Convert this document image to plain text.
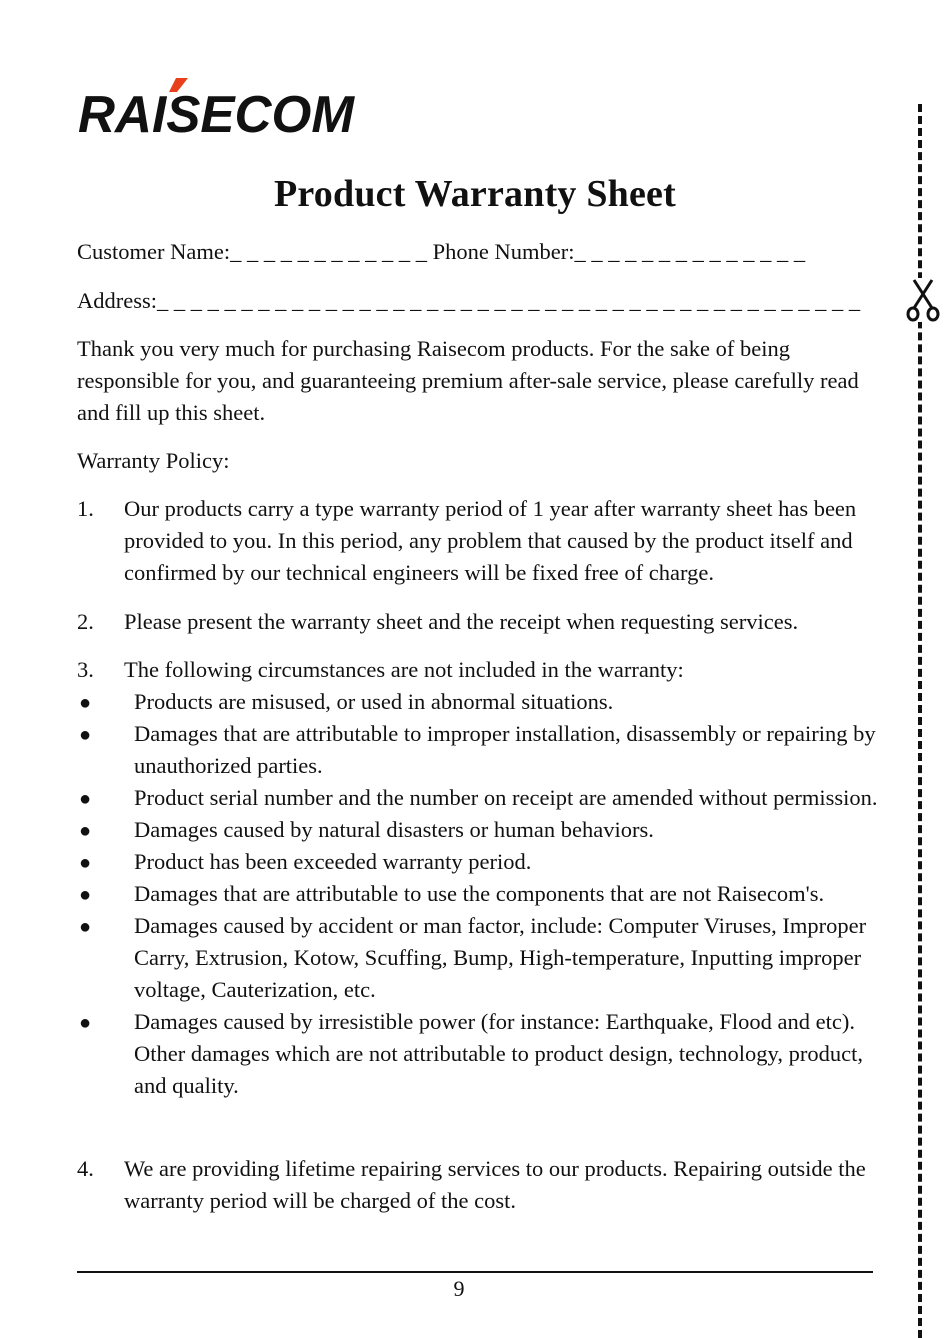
RAISECOM
Product Warranty Sheet
Customer Name:_ _ _ _ _ _ _ _ _ _ _ _ Phone Number:_ _ _ _ _ _ _ _ _ _ _ _ _ _
Address:_ _ _ _ _ _ _ _ _ _ _ _ _ _ _ _ _ _ _ _ _ _ _ _ _ _ _ _ _ _ _ _ _ _ _ _ _ _ _ _ _ _
Thank you very much for purchasing Raisecom products. For the sake of being responsible for you, and guaranteeing premium after-sale service, please carefully read and fill up this sheet.
Warranty Policy:
1. Our products carry a type warranty period of 1 year after warranty sheet has been provided to you. In this period, any problem that caused by the product itself and confirmed by our technical engineers will be fixed free of charge.
2. Please present the warranty sheet and the receipt when requesting services.
3. The following circumstances are not included in the warranty:
● Products are misused, or used in abnormal situations.
● Damages that are attributable to improper installation, disassembly or repairing by unauthorized parties.
● Product serial number and the number on receipt are amended without permission.
● Damages caused by natural disasters or human behaviors.
● Product has been exceeded warranty period.
● Damages that are attributable to use the components that are not Raisecom's.
● Damages caused by accident or man factor, include: Computer Viruses, Improper Carry, Extrusion, Kotow, Scuffing, Bump, High-temperature, Inputting improper voltage, Cauterization, etc.
● Damages caused by irresistible power (for instance: Earthquake, Flood and etc). Other damages which are not attributable to product design, technology, product, and quality.
4. We are providing lifetime repairing services to our products. Repairing outside the warranty period will be charged of the cost.
9
